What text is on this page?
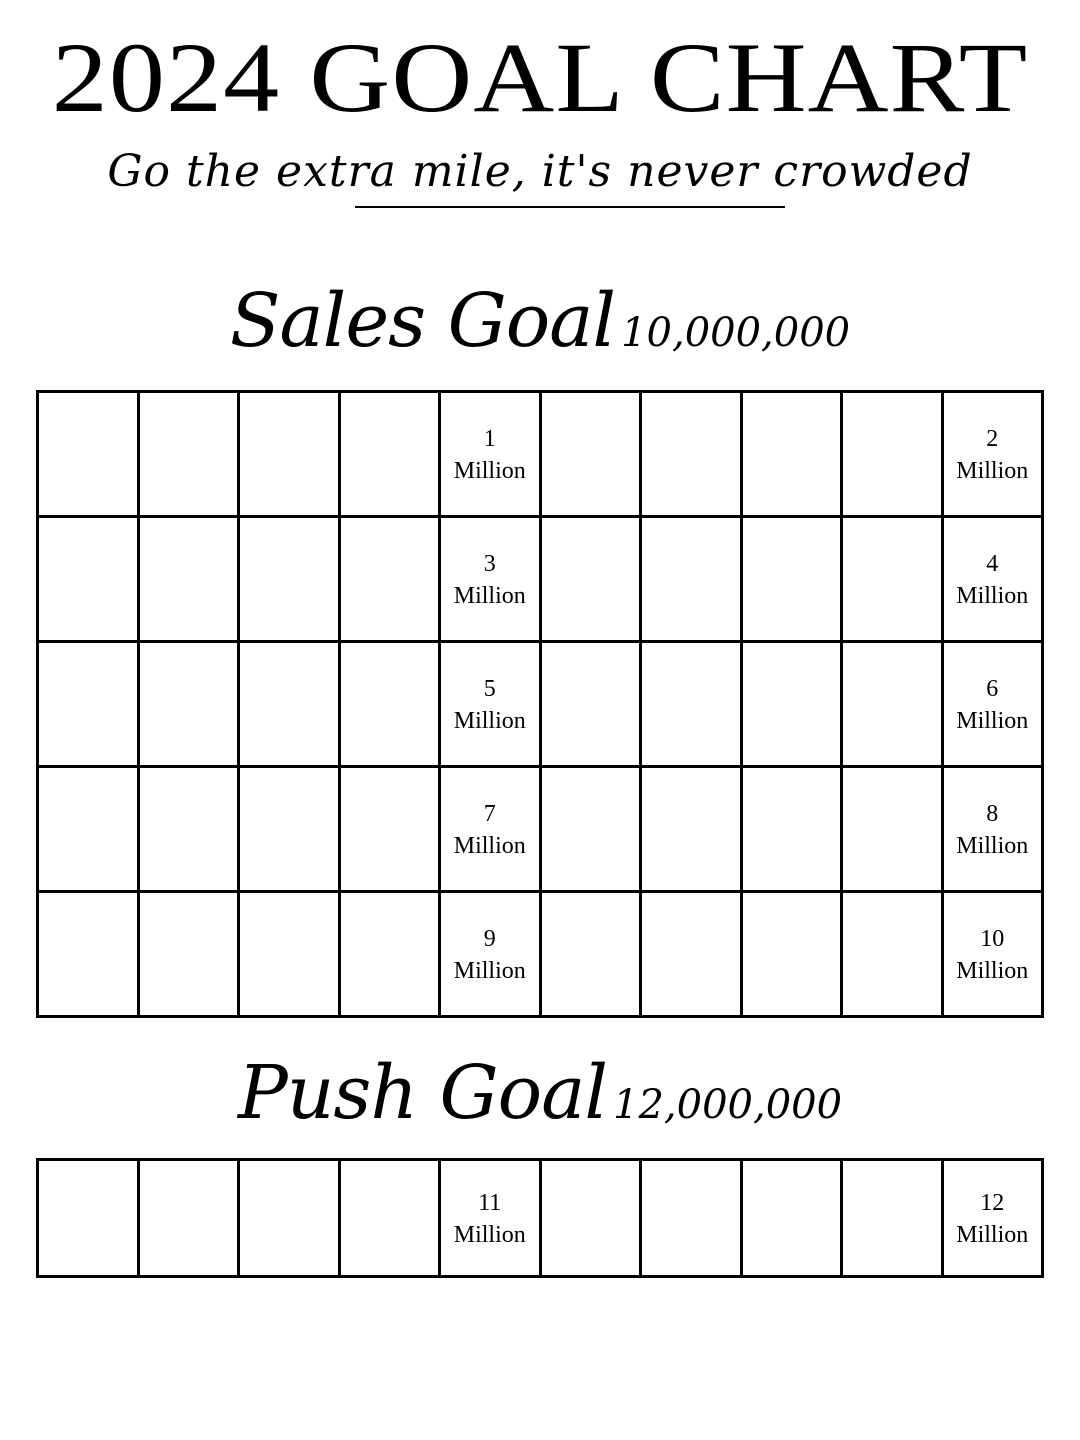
2024 GOAL CHART
Go the extra mile, it's never crowded
Sales Goal 10,000,000
1
Million
2
Million
3
Million
4
Million
5
Million
6
Million
7
Million
8
Million
9
Million
10
Million
Push Goal 12,000,000
11
Million
12
Million
